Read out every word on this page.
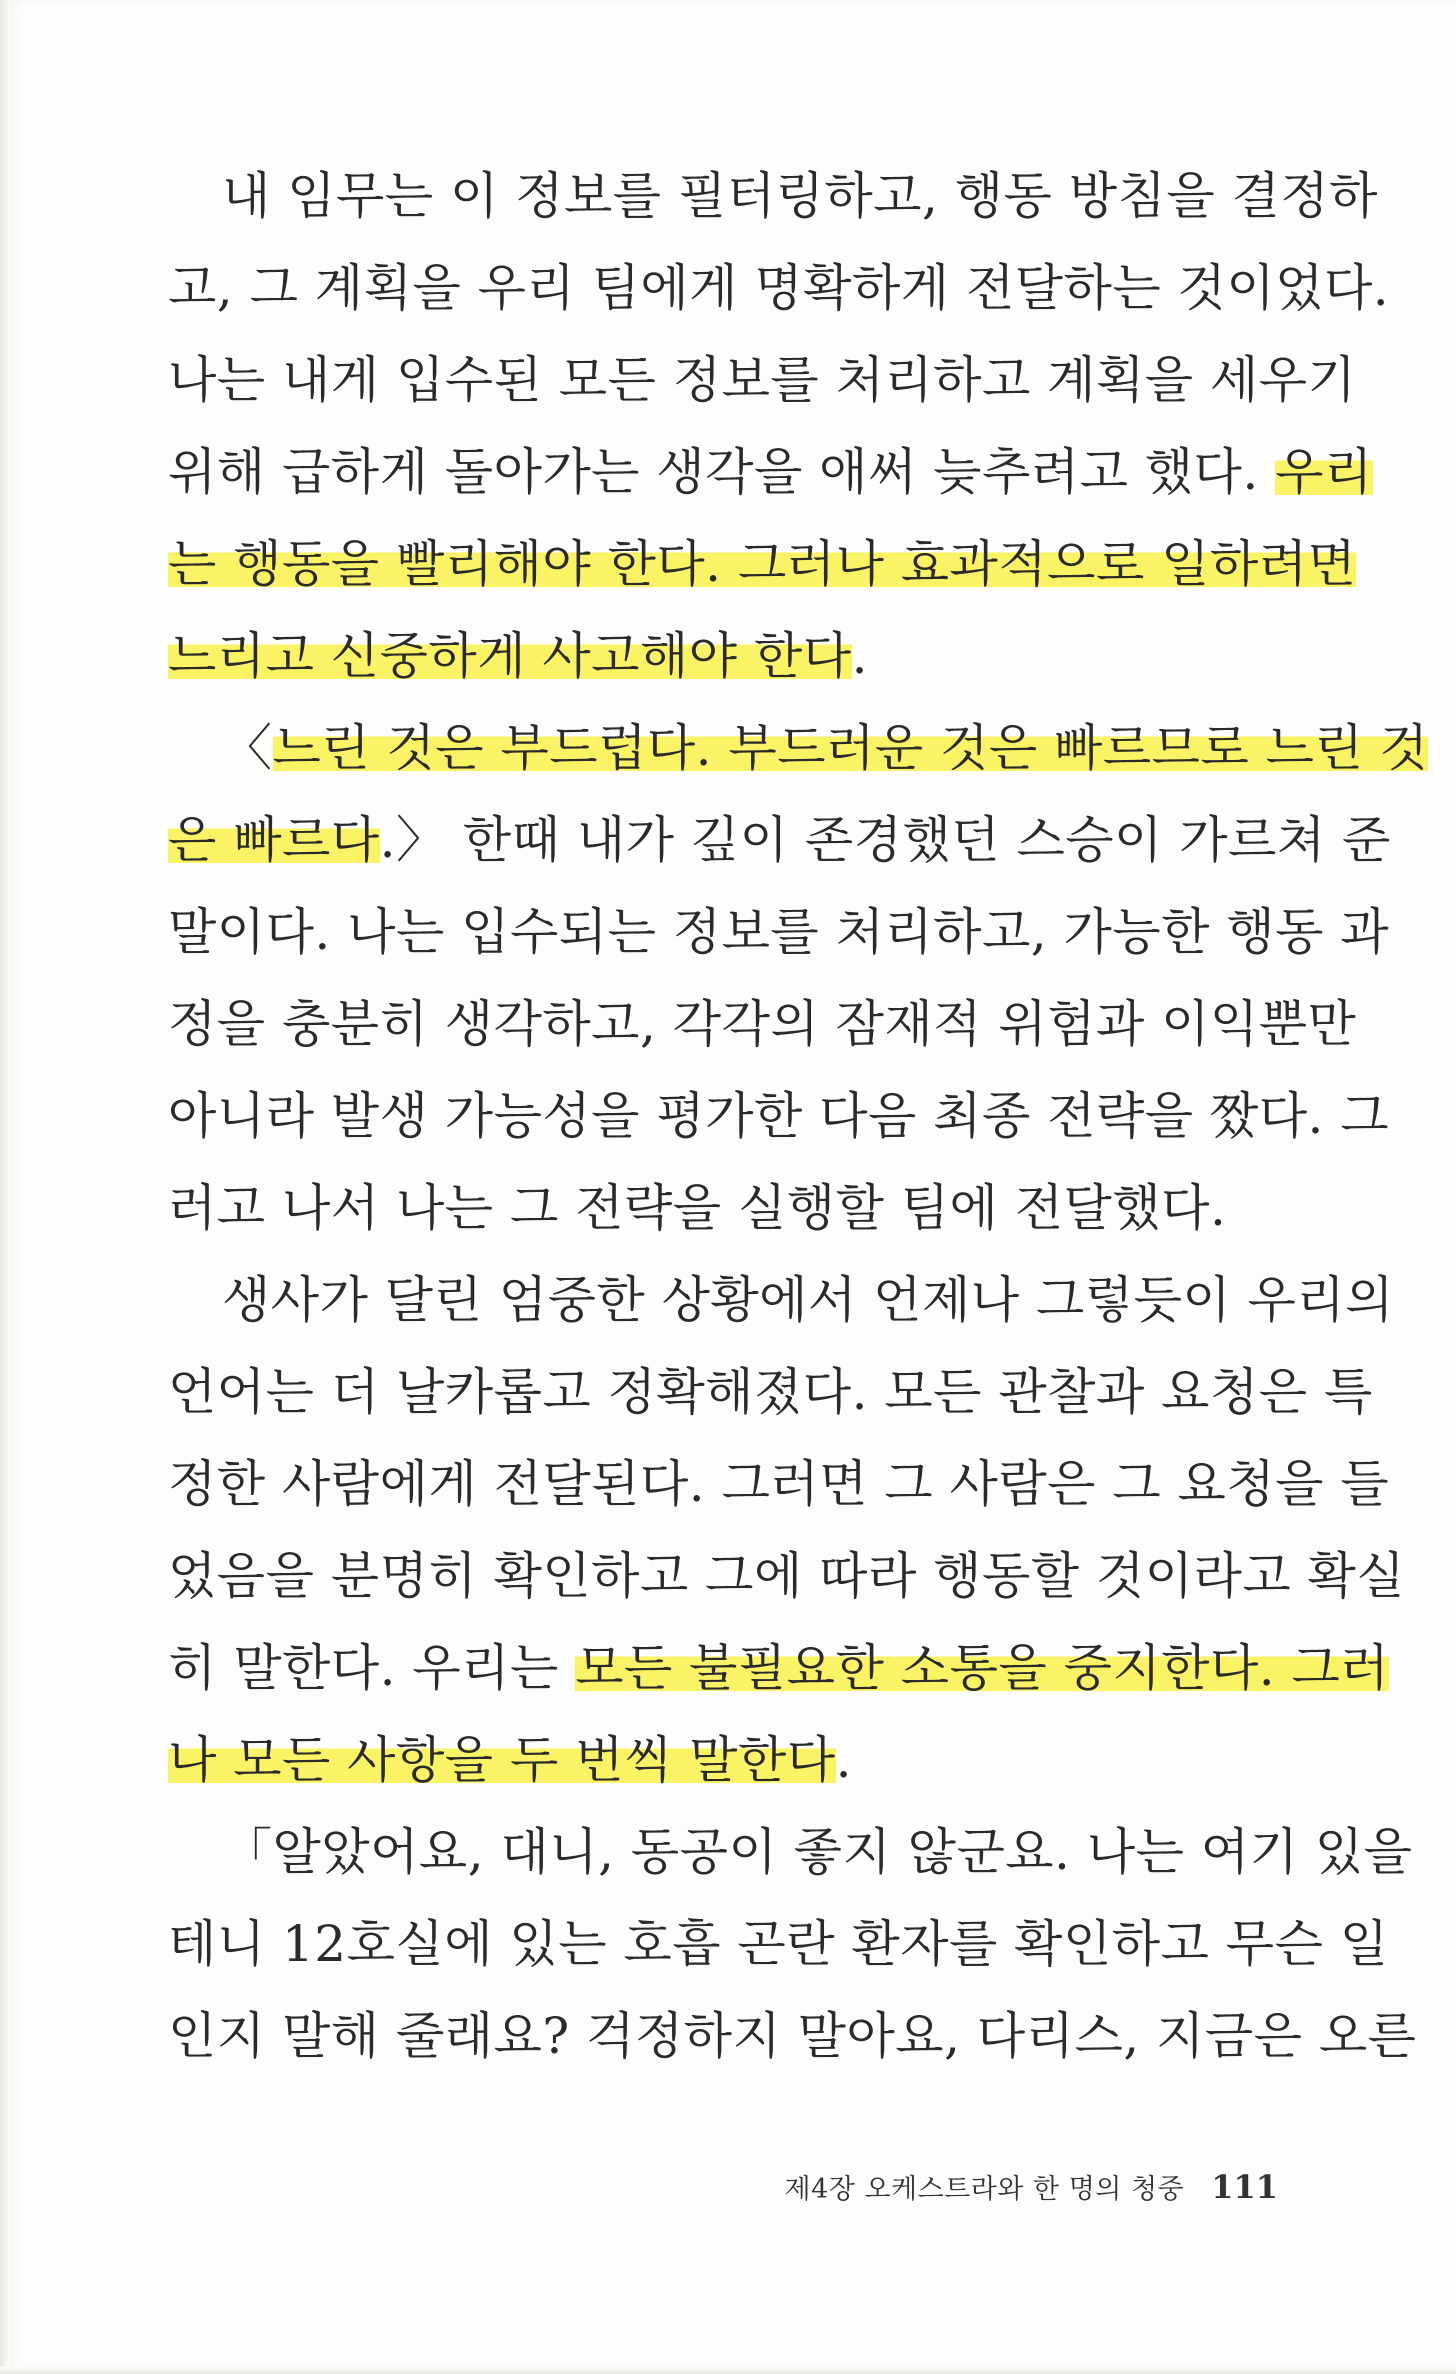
내 임무는 이 정보를 필터링하고, 행동 방침을 결정하
고, 그 계획을 우리 팀에게 명확하게 전달하는 것이었다.
나는 내게 입수된 모든 정보를 처리하고 계획을 세우기
위해 급하게 돌아가는 생각을 애써 늦추려고 했다. 우리
는 행동을 빨리해야 한다. 그러나 효과적으로 일하려면
느리고 신중하게 사고해야 한다.
〈느린 것은 부드럽다. 부드러운 것은 빠르므로 느린 것
은 빠르다.〉 한때 내가 깊이 존경했던 스승이 가르쳐 준
말이다. 나는 입수되는 정보를 처리하고, 가능한 행동 과
정을 충분히 생각하고, 각각의 잠재적 위험과 이익뿐만
아니라 발생 가능성을 평가한 다음 최종 전략을 짰다. 그
러고 나서 나는 그 전략을 실행할 팀에 전달했다.
생사가 달린 엄중한 상황에서 언제나 그렇듯이 우리의
언어는 더 날카롭고 정확해졌다. 모든 관찰과 요청은 특
정한 사람에게 전달된다. 그러면 그 사람은 그 요청을 들
었음을 분명히 확인하고 그에 따라 행동할 것이라고 확실
히 말한다. 우리는 모든 불필요한 소통을 중지한다. 그러
나 모든 사항을 두 번씩 말한다.
「알았어요, 대니, 동공이 좋지 않군요. 나는 여기 있을
테니 12호실에 있는 호흡 곤란 환자를 확인하고 무슨 일
인지 말해 줄래요? 걱정하지 말아요, 다리스, 지금은 오른
제4장 오케스트라와 한 명의 청중 111
